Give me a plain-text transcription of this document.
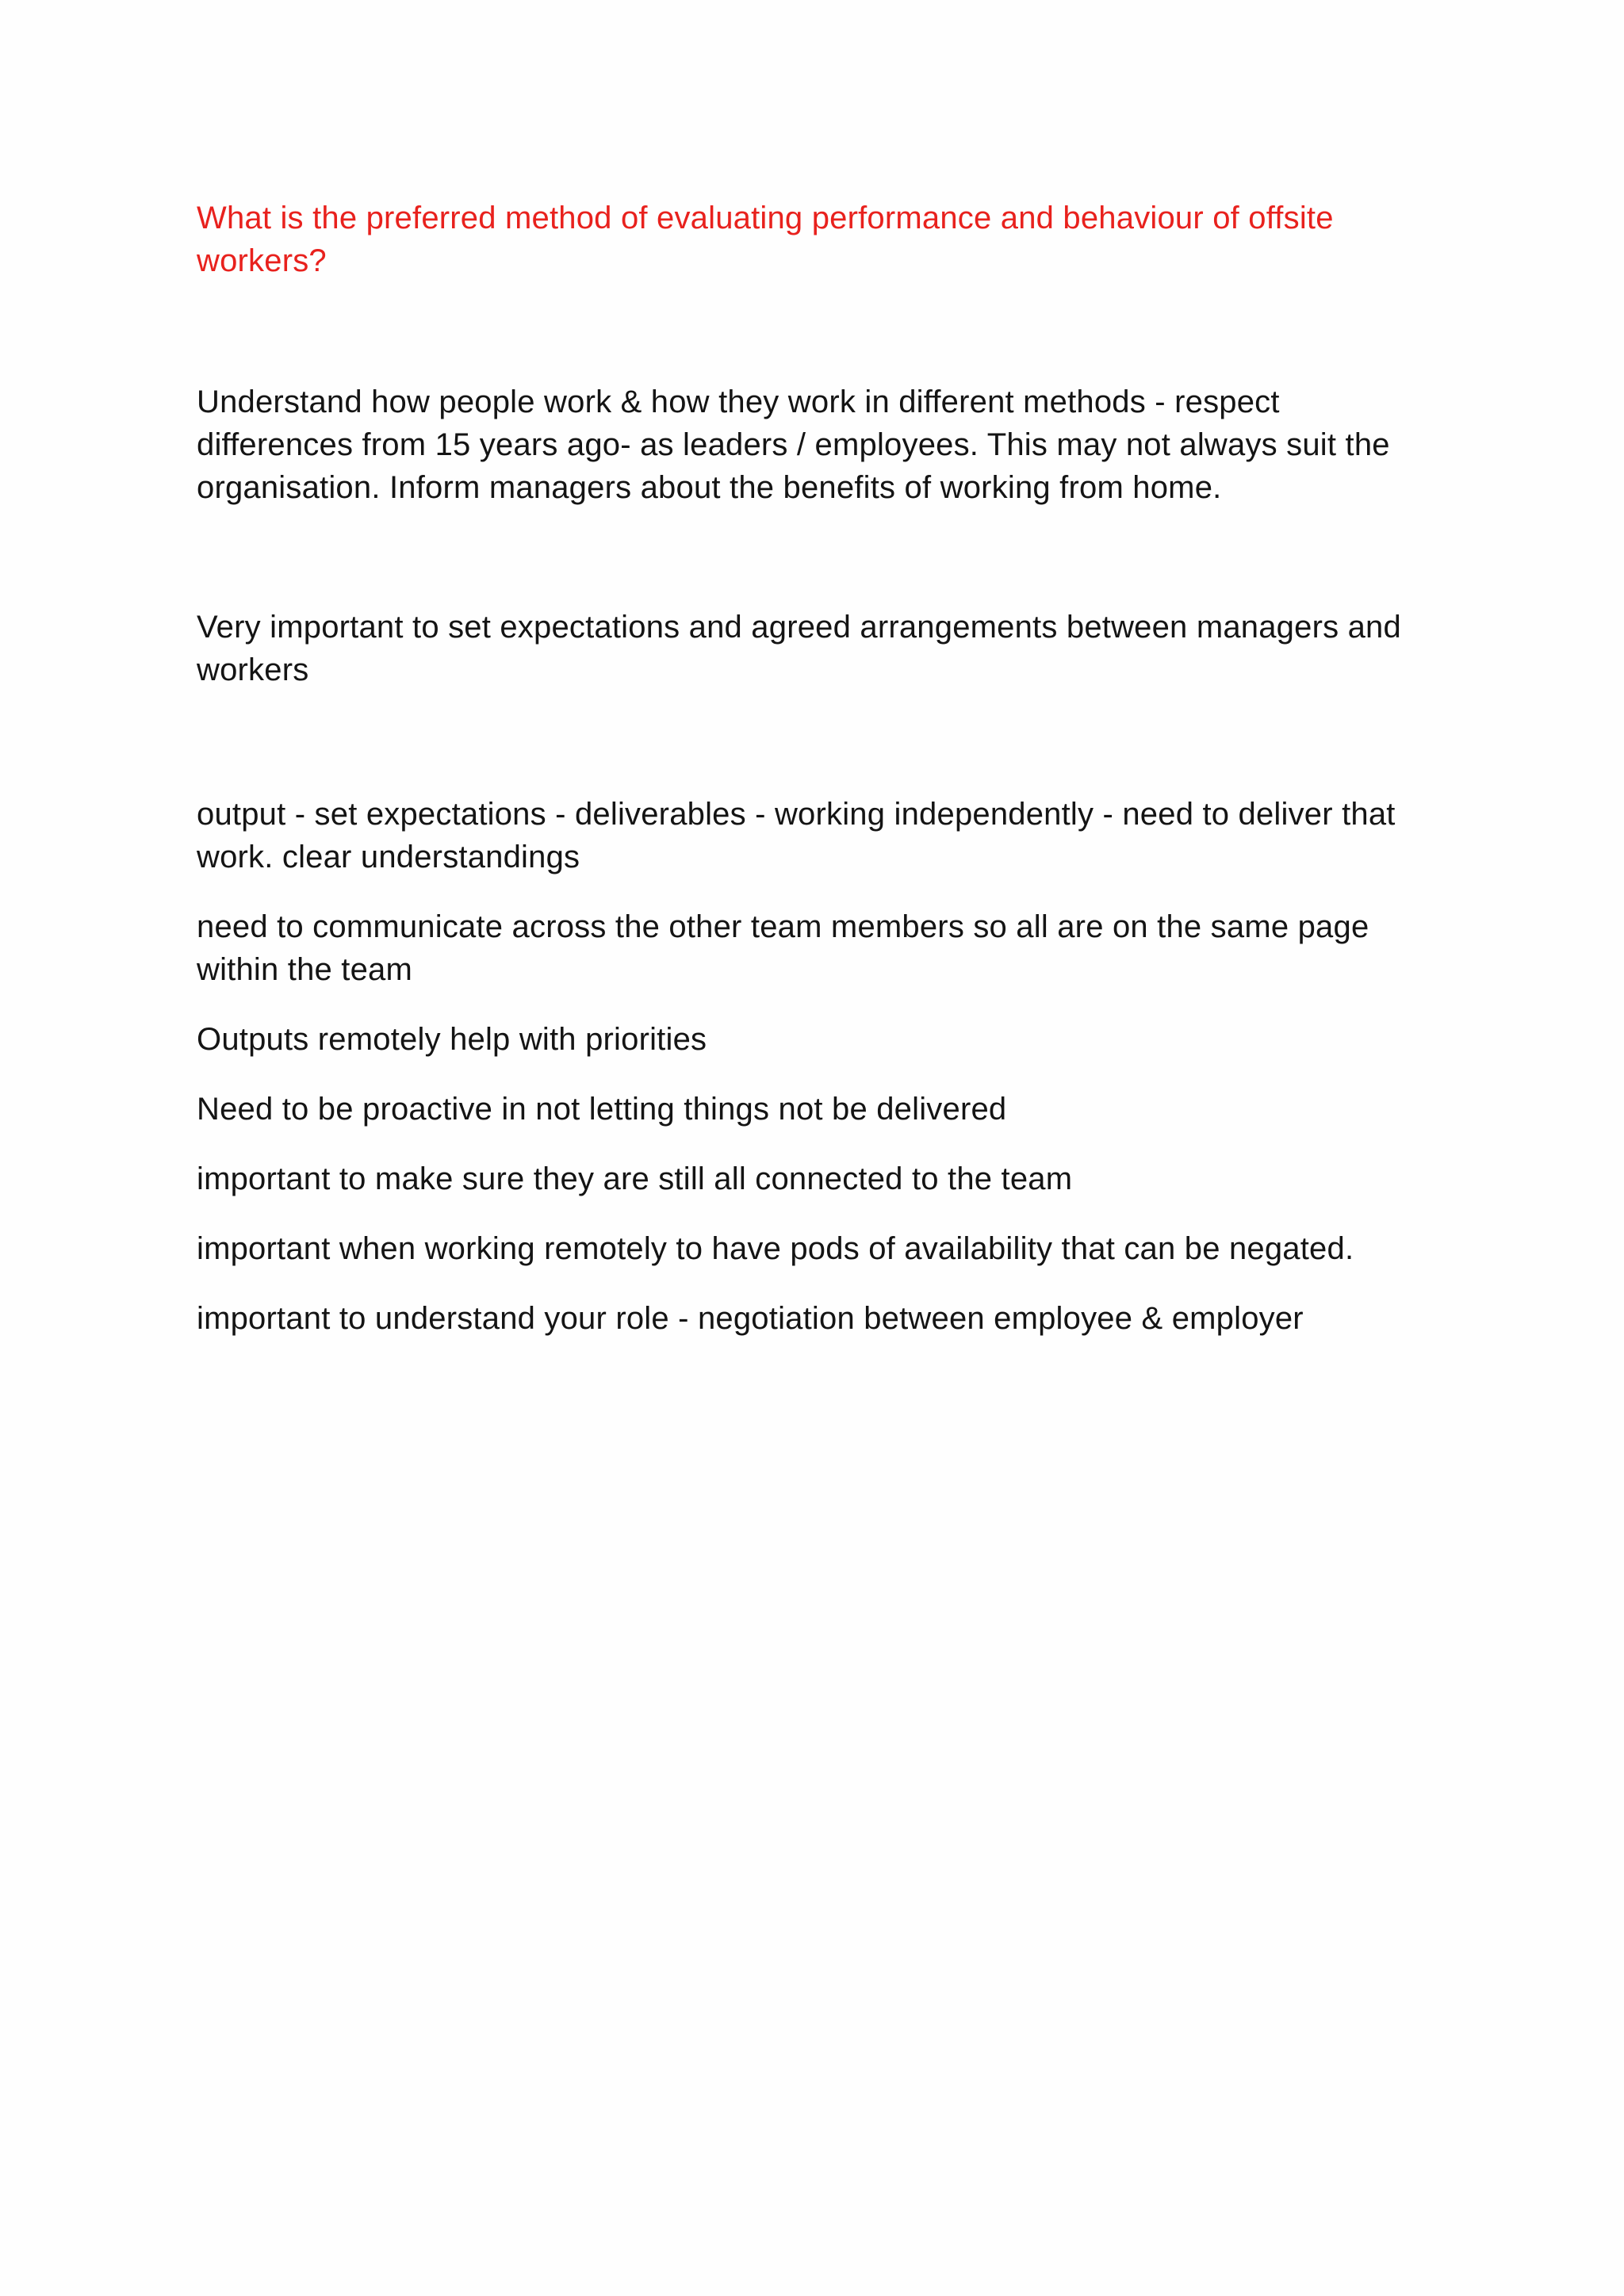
What is the preferred method of evaluating performance and behaviour of offsite workers?

Understand how people work & how they work in different methods - respect differences from 15 years ago- as leaders / employees. This may not always suit the organisation. Inform managers about the benefits of working from home.

Very important to set expectations and agreed arrangements between managers and workers

output - set expectations - deliverables - working independently - need to deliver that work. clear understandings

need to communicate across the other team members so all are on the same page within the team

Outputs remotely help with priorities

Need to be proactive in not letting things not be delivered

important to make sure they are still all connected to the team

important when working remotely to have pods of availability that can be negated.

important to understand your role - negotiation between employee & employer
